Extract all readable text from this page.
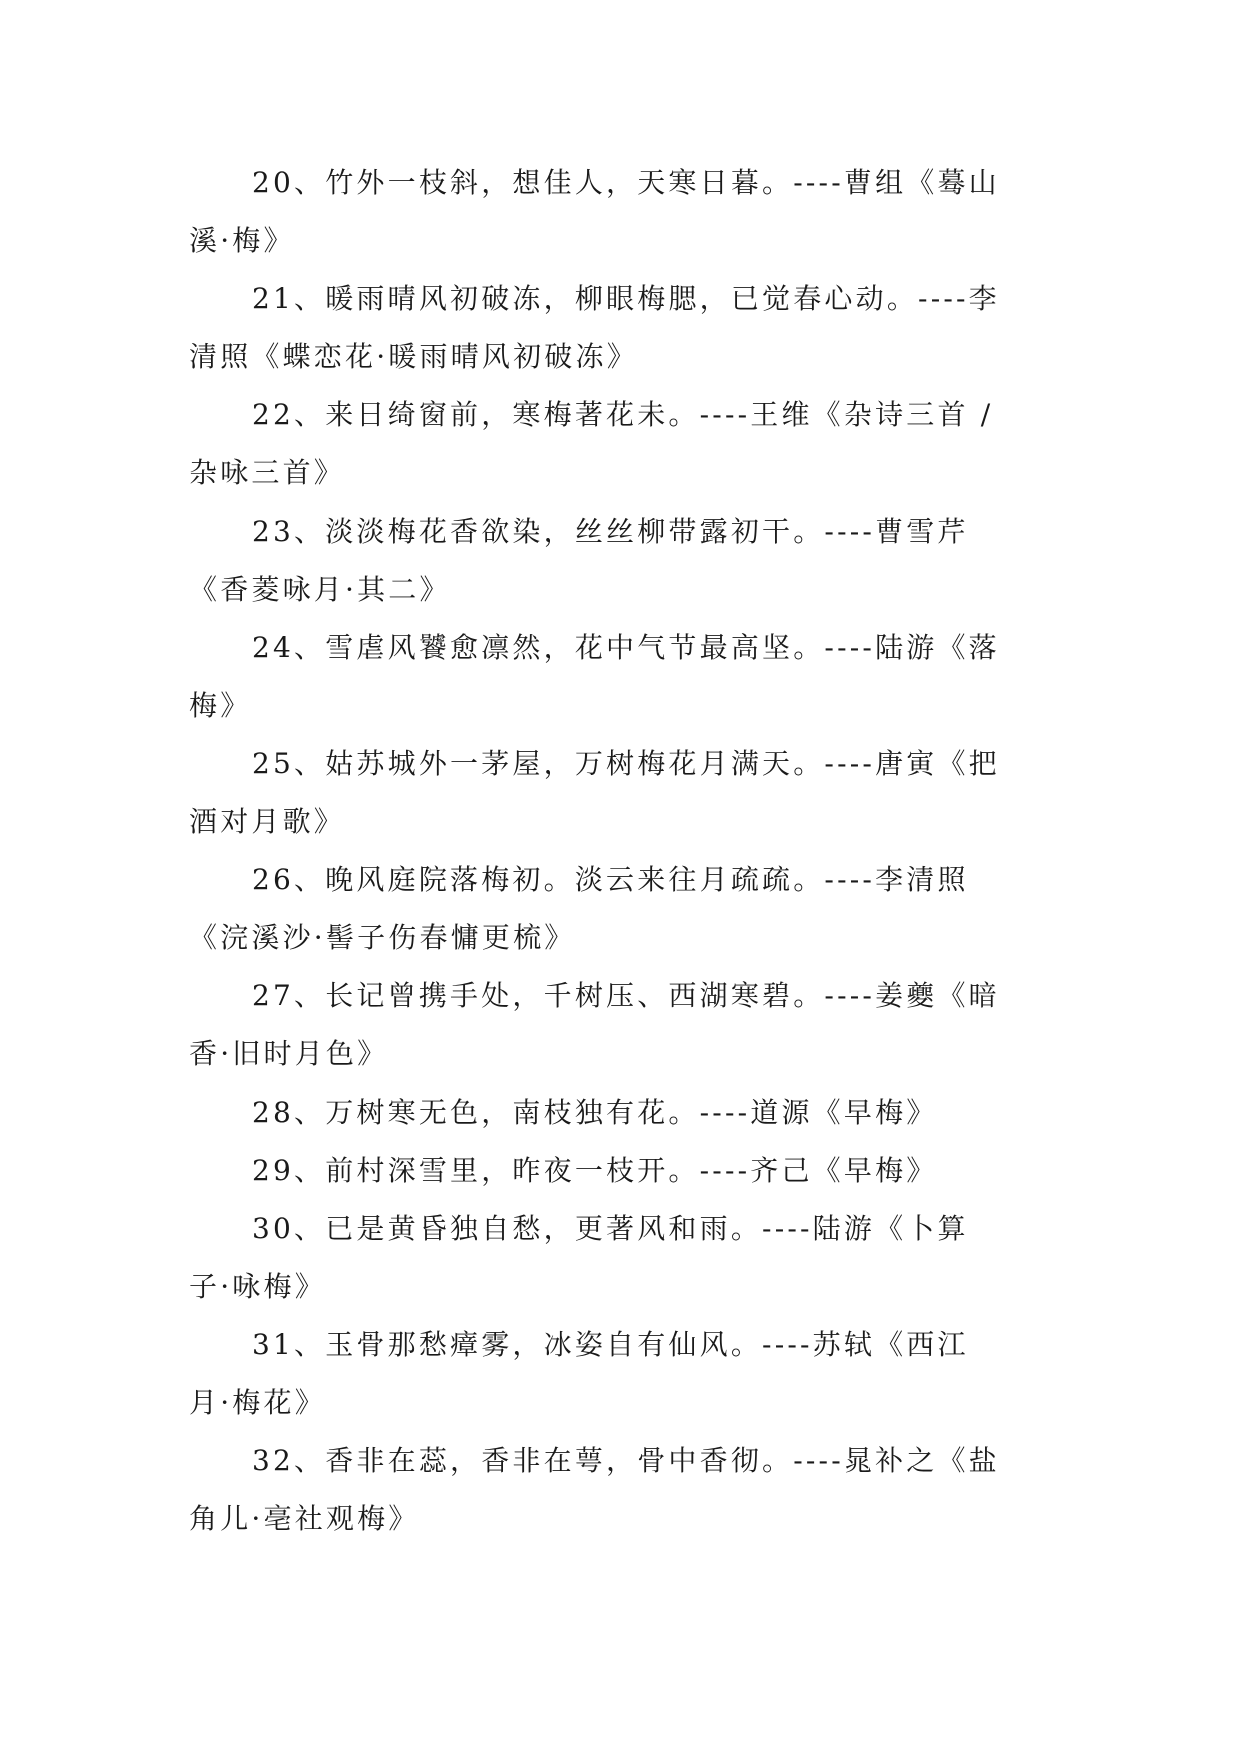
20、竹外一枝斜，想佳人，天寒日暮。----曹组《蓦山
溪·梅》
21、暖雨晴风初破冻，柳眼梅腮，已觉春心动。----李
清照《蝶恋花·暖雨晴风初破冻》
22、来日绮窗前，寒梅著花未。----王维《杂诗三首 /
杂咏三首》
23、淡淡梅花香欲染，丝丝柳带露初干。----曹雪芹
《香菱咏月·其二》
24、雪虐风饕愈凛然，花中气节最高坚。----陆游《落
梅》
25、姑苏城外一茅屋，万树梅花月满天。----唐寅《把
酒对月歌》
26、晚风庭院落梅初。淡云来往月疏疏。----李清照
《浣溪沙·髻子伤春慵更梳》
27、长记曾携手处，千树压、西湖寒碧。----姜夔《暗
香·旧时月色》
28、万树寒无色，南枝独有花。----道源《早梅》
29、前村深雪里，昨夜一枝开。----齐己《早梅》
30、已是黄昏独自愁，更著风和雨。----陆游《卜算
子·咏梅》
31、玉骨那愁瘴雾，冰姿自有仙风。----苏轼《西江
月·梅花》
32、香非在蕊，香非在萼，骨中香彻。----晁补之《盐
角儿·亳社观梅》
